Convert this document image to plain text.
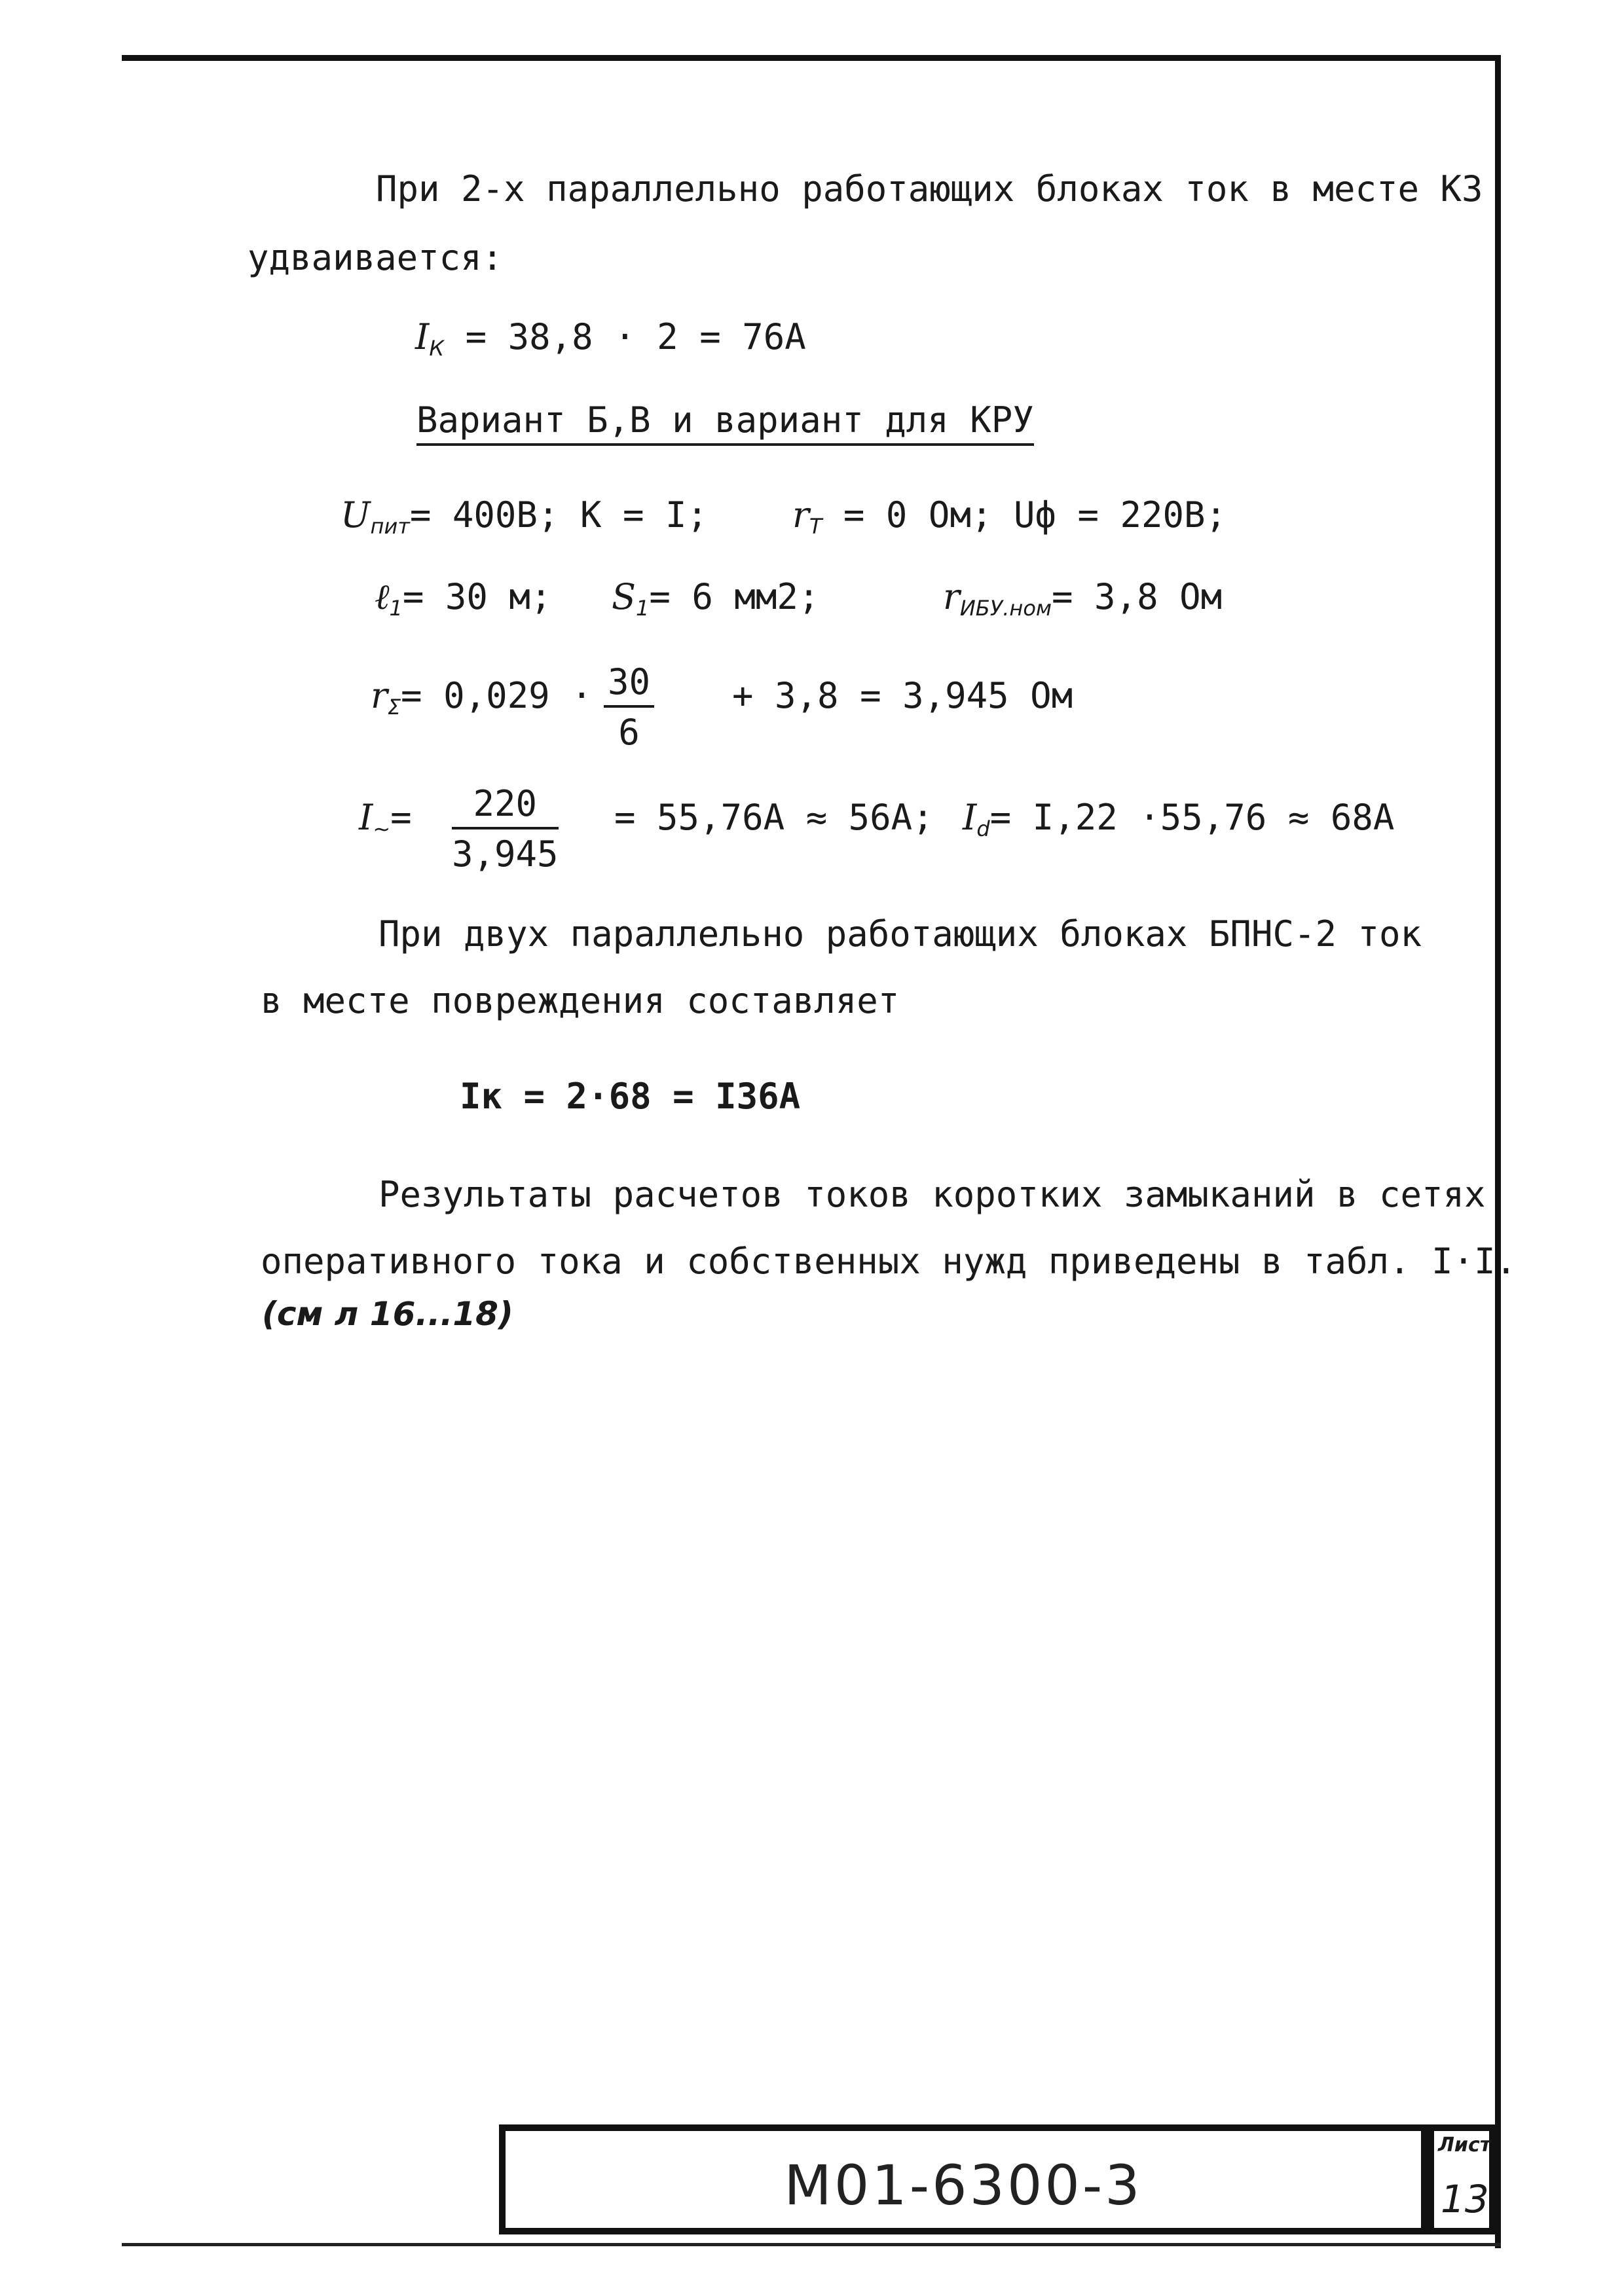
При 2-х параллельно работающих блоках ток в месте КЗ
удваивается:
$I_К = 38,8 \cdot 2 = 76А$
Вариант Б,В и вариант для КРУ
$U_{пит}= 400В$; К = I; $r_Т = 0$ Ом; Uф = 220В;
ℓ$_1$= 30 м; $S_1= 6$ мм2;	$r_{ИБУ.ном}= 3,8$ Ом
$r_\Sigma= 0,029 \cdot \frac{30}{6} + 3,8 = 3,945$ Ом
$I_\sim= \frac{220}{3,945} = 55,76А \approx 56А$; $I_d= I,22 \cdot 55,76 \approx 68А$
При двух параллельно работающих блоках БПНС-2 ток
в месте повреждения составляет
Iк = 2·68 = I36А
Результаты расчетов токов коротких замыканий в сетях
оперативного тока и собственных нужд приведены в табл. I·I.
(см л 16...18)
М01-6300-3
Лист
13
